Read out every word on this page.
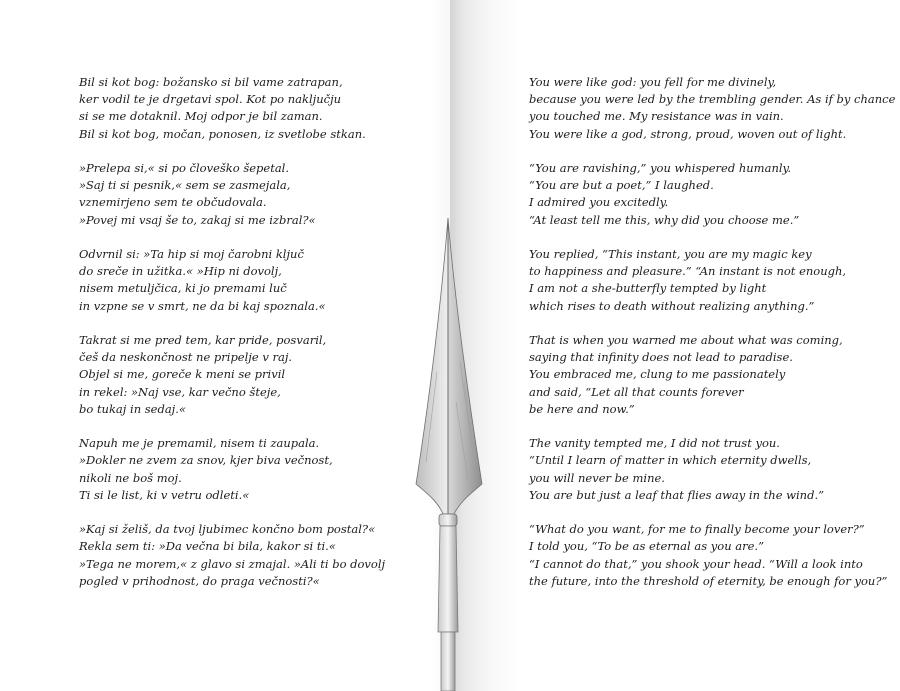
Bil si kot bog: božansko si bil vame zatrapan,
ker vodil te je drgetavi spol. Kot po naključju
si se me dotaknil. Moj odpor je bil zaman.
Bil si kot bog, močan, ponosen, iz svetlobe stkan.
»Prelepa si,« si po človeško šepetal.
»Saj ti si pesnik,« sem se zasmejala,
vznemirjeno sem te občudovala.
»Povej mi vsaj še to, zakaj si me izbral?«
Odvrnil si: »Ta hip si moj čarobni ključ
do sreče in užitka.« »Hip ni dovolj,
nisem metuljčica, ki jo premami luč
in vzpne se v smrt, ne da bi kaj spoznala.«
Takrat si me pred tem, kar pride, posvaril,
češ da neskončnost ne pripelje v raj.
Objel si me, goreče k meni se privil
in rekel: »Naj vse, kar večno šteje,
bo tukaj in sedaj.«
Napuh me je premamil, nisem ti zaupala.
»Dokler ne zvem za snov, kjer biva večnost,
nikoli ne boš moj.
Ti si le list, ki v vetru odleti.«
»Kaj si želiš, da tvoj ljubimec končno bom postal?«
Rekla sem ti: »Da večna bi bila, kakor si ti.«
»Tega ne morem,« z glavo si zmajal. »Ali ti bo dovolj
pogled v prihodnost, do praga večnosti?«
You were like god: you fell for me divinely,
because you were led by the trembling gender. As if by chance
you touched me. My resistance was in vain.
You were like a god, strong, proud, woven out of light.
“You are ravishing,” you whispered humanly.
“You are but a poet,” I laughed.
I admired you excitedly.
“At least tell me this, why did you choose me.”
You replied, “This instant, you are my magic key
to happiness and pleasure.” “An instant is not enough,
I am not a she-butterfly tempted by light
which rises to death without realizing anything.”
That is when you warned me about what was coming,
saying that infinity does not lead to paradise.
You embraced me, clung to me passionately
and said, “Let all that counts forever
be here and now.”
The vanity tempted me, I did not trust you.
“Until I learn of matter in which eternity dwells,
you will never be mine.
You are but just a leaf that flies away in the wind.”
“What do you want, for me to finally become your lover?”
I told you, “To be as eternal as you are.”
“I cannot do that,” you shook your head. “Will a look into
the future, into the threshold of eternity, be enough for you?”
